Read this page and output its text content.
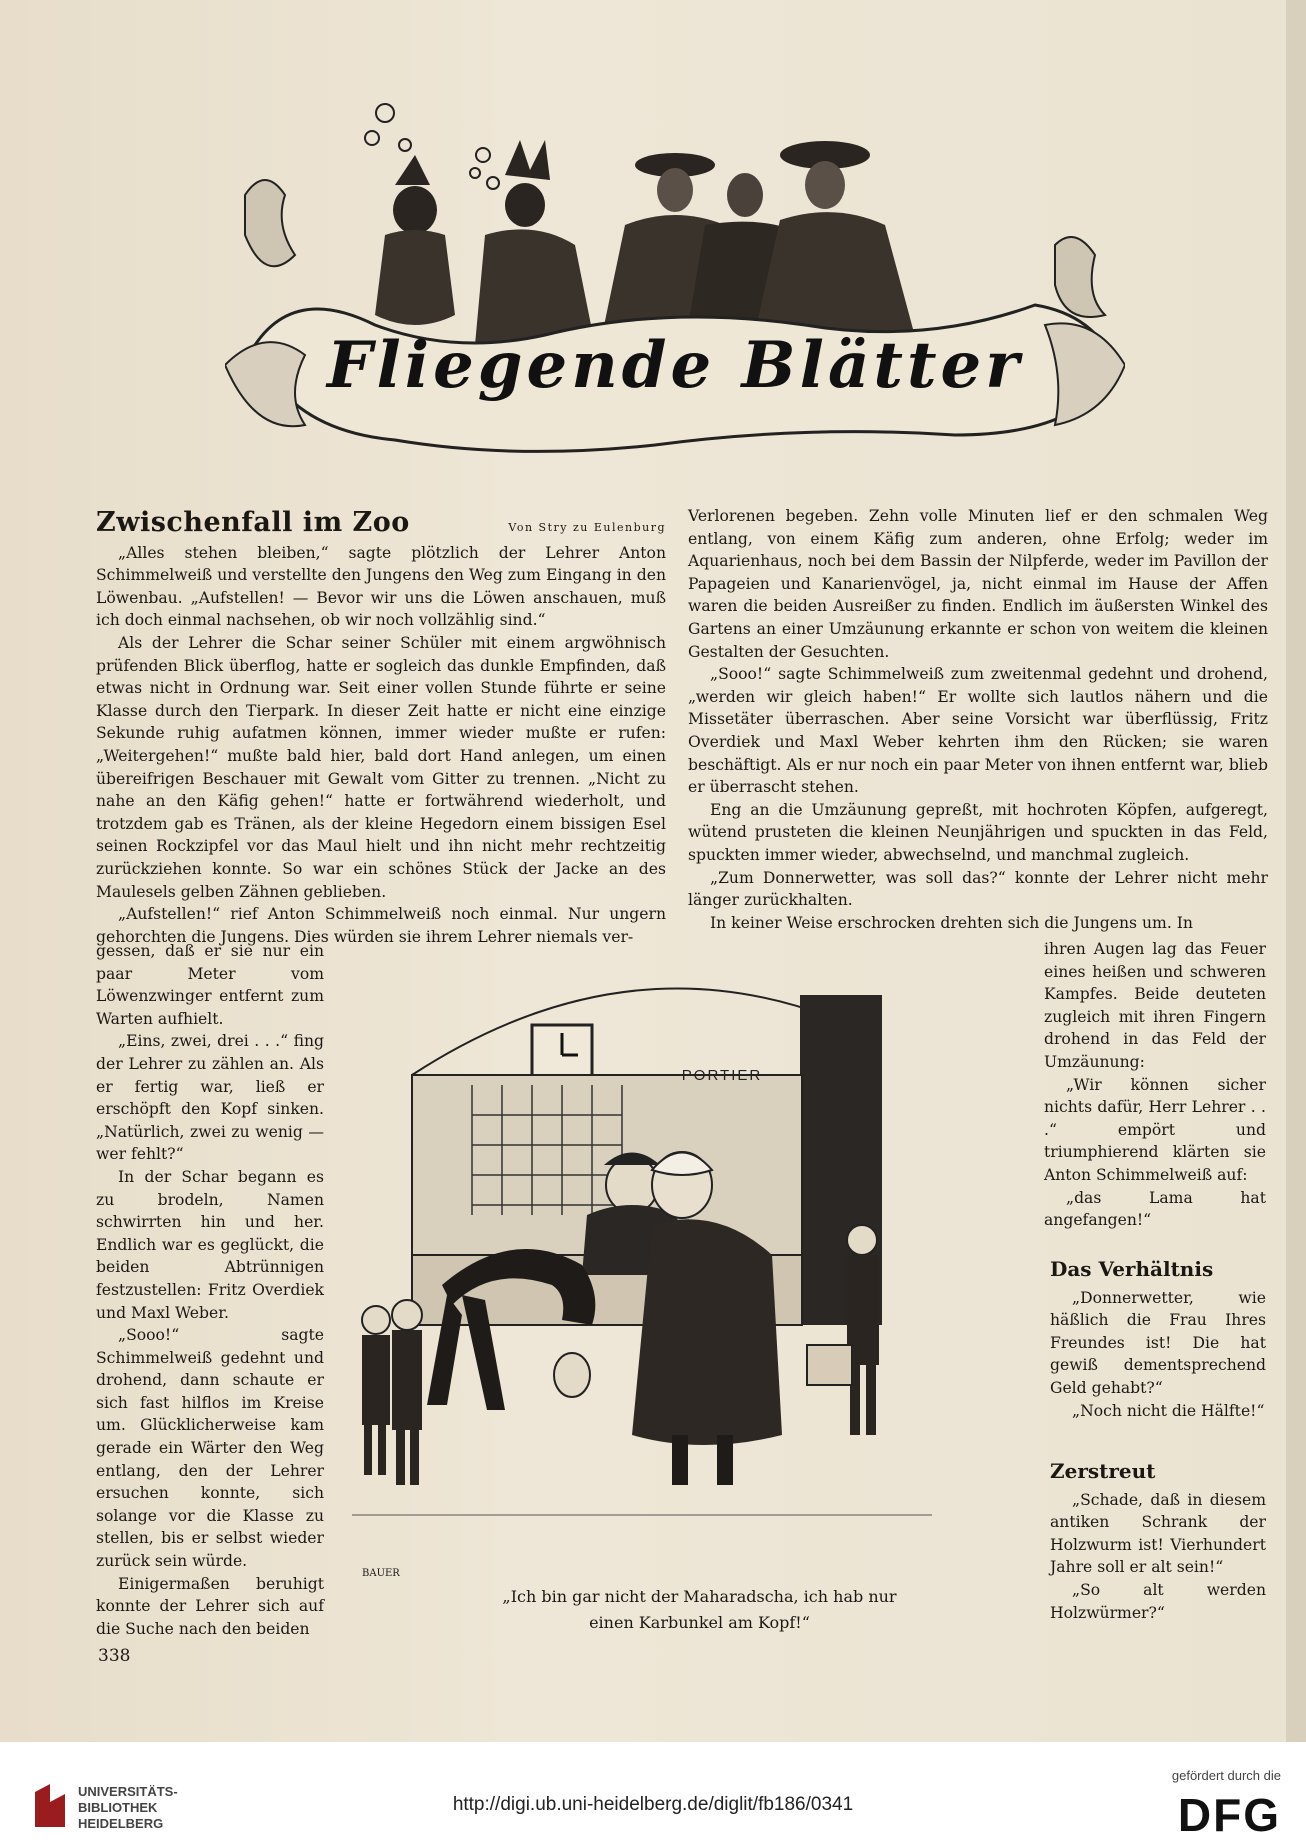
Fliegende Blätter
Zwischenfall im Zoo	Von Stry zu Eulenburg

„Alles stehen bleiben,“ sagte plötzlich der Lehrer Anton Schimmelweiß und verstellte den Jungens den Weg zum Eingang in den Löwenbau. „Aufstellen! — Bevor wir uns die Löwen anschauen, muß ich doch einmal nachsehen, ob wir noch vollzählig sind.“

Als der Lehrer die Schar seiner Schüler mit einem argwöhnisch prüfenden Blick überflog, hatte er sogleich das dunkle Empfinden, daß etwas nicht in Ordnung war. Seit einer vollen Stunde führte er seine Klasse durch den Tierpark. In dieser Zeit hatte er nicht eine einzige Sekunde ruhig aufatmen können, immer wieder mußte er rufen: „Weitergehen!“ mußte bald hier, bald dort Hand anlegen, um einen übereifrigen Beschauer mit Gewalt vom Gitter zu trennen. „Nicht zu nahe an den Käfig gehen!“ hatte er fortwährend wiederholt, und trotzdem gab es Tränen, als der kleine Hegedorn einem bissigen Esel seinen Rockzipfel vor das Maul hielt und ihn nicht mehr rechtzeitig zurückziehen konnte. So war ein schönes Stück der Jacke an des Maulesels gelben Zähnen geblieben.

„Aufstellen!“ rief Anton Schimmelweiß noch einmal. Nur ungern gehorchten die Jungens. Dies würden sie ihrem Lehrer niemals ver-

gessen, daß er sie nur ein paar Meter vom Löwenzwinger entfernt zum Warten aufhielt.

„Eins, zwei, drei . . .“ fing der Lehrer zu zählen an. Als er fertig war, ließ er erschöpft den Kopf sinken. „Natürlich, zwei zu wenig — wer fehlt?“

In der Schar begann es zu brodeln, Namen schwirrten hin und her. Endlich war es geglückt, die beiden Abtrünnigen festzustellen: Fritz Overdiek und Maxl Weber.

„Sooo!“ sagte Schimmelweiß gedehnt und drohend, dann schaute er sich fast hilflos im Kreise um. Glücklicherweise kam gerade ein Wärter den Weg entlang, den der Lehrer ersuchen konnte, sich solange vor die Klasse zu stellen, bis er selbst wieder zurück sein würde.

Einigermaßen beruhigt konnte der Lehrer sich auf die Suche nach den beiden

Verlorenen begeben. Zehn volle Minuten lief er den schmalen Weg entlang, von einem Käfig zum anderen, ohne Erfolg; weder im Aquarienhaus, noch bei dem Bassin der Nilpferde, weder im Pavillon der Papageien und Kanarienvögel, ja, nicht einmal im Hause der Affen waren die beiden Ausreißer zu finden. Endlich im äußersten Winkel des Gartens an einer Umzäunung erkannte er schon von weitem die kleinen Gestalten der Gesuchten.

„Sooo!“ sagte Schimmelweiß zum zweitenmal gedehnt und drohend, „werden wir gleich haben!“ Er wollte sich lautlos nähern und die Missetäter überraschen. Aber seine Vorsicht war überflüssig, Fritz Overdiek und Maxl Weber kehrten ihm den Rücken; sie waren beschäftigt. Als er nur noch ein paar Meter von ihnen entfernt war, blieb er überrascht stehen.

Eng an die Umzäunung gepreßt, mit hochroten Köpfen, aufgeregt, wütend prusteten die kleinen Neunjährigen und spuckten in das Feld, spuckten immer wieder, abwechselnd, und manchmal zugleich.

„Zum Donnerwetter, was soll das?“ konnte der Lehrer nicht mehr länger zurückhalten.

In keiner Weise erschrocken drehten sich die Jungens um. In

ihren Augen lag das Feuer eines heißen und schweren Kampfes. Beide deuteten zugleich mit ihren Fingern drohend in das Feld der Umzäunung:

„Wir können sicher nichts dafür, Herr Lehrer . . .“ empört und triumphierend klärten sie Anton Schimmelweiß auf:

„das Lama hat angefangen!“

Das Verhältnis

„Donnerwetter, wie häßlich die Frau Ihres Freundes ist! Die hat gewiß dementsprechend Geld gehabt?“

„Noch nicht die Hälfte!“

Zerstreut

„Schade, daß in diesem antiken Schrank der Holzwurm ist! Vierhundert Jahre soll er alt sein!“

„So alt werden Holzwürmer?“

PORTIER
BAUER
„Ich bin gar nicht der Maharadscha, ich hab nur
einen Karbunkel am Kopf!“
338
UNIVERSITÄTS-
BIBLIOTHEK
HEIDELBERG
http://digi.ub.uni-heidelberg.de/diglit/fb186/0341
gefördert durch die
DFG
